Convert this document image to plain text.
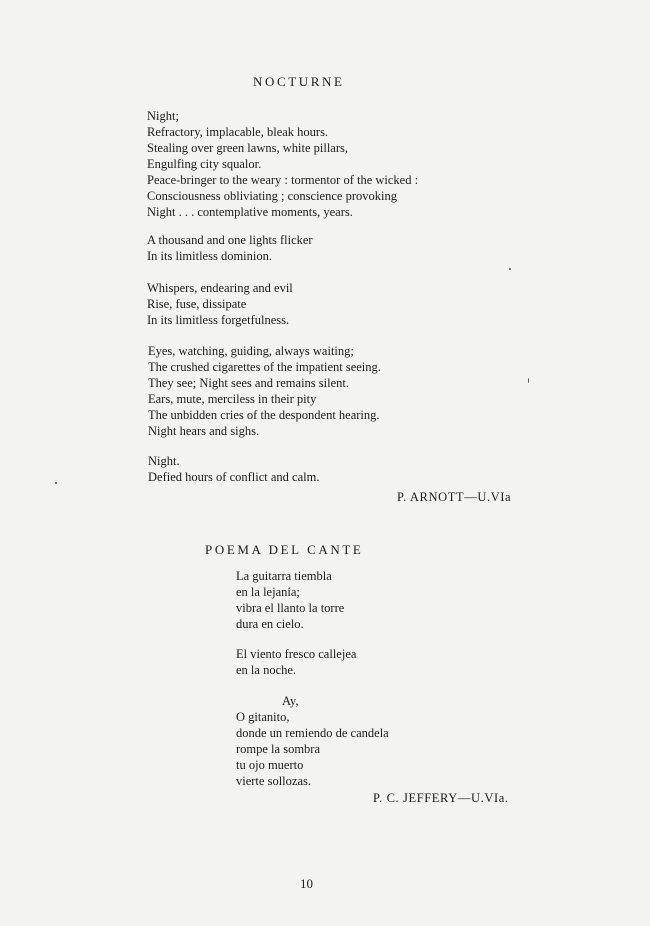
NOCTURNE
Night;
Refractory, implacable, bleak hours.
Stealing over green lawns, white pillars,
Engulfing city squalor.
Peace-bringer to the weary : tormentor of the wicked :
Consciousness obliviating ; conscience provoking
Night . . . contemplative moments, years.
A thousand and one lights flicker
In its limitless dominion.
Whispers, endearing and evil
Rise, fuse, dissipate
In its limitless forgetfulness.
Eyes, watching, guiding, always waiting;
The crushed cigarettes of the impatient seeing.
They see; Night sees and remains silent.
Ears, mute, merciless in their pity
The unbidden cries of the despondent hearing.
Night hears and sighs.
Night.
Defied hours of conflict and calm.
P. ARNOTT—U.VIa
POEMA DEL CANTE
La guitarra tiembla
en la lejanía;
vibra el llanto la torre
dura en cielo.
El viento fresco callejea
en la noche.
Ay,
O gitanito,
donde un remiendo de candela
rompe la sombra
tu ojo muerto
vierte sollozas.
P. C. JEFFERY—U.VIa.
10
